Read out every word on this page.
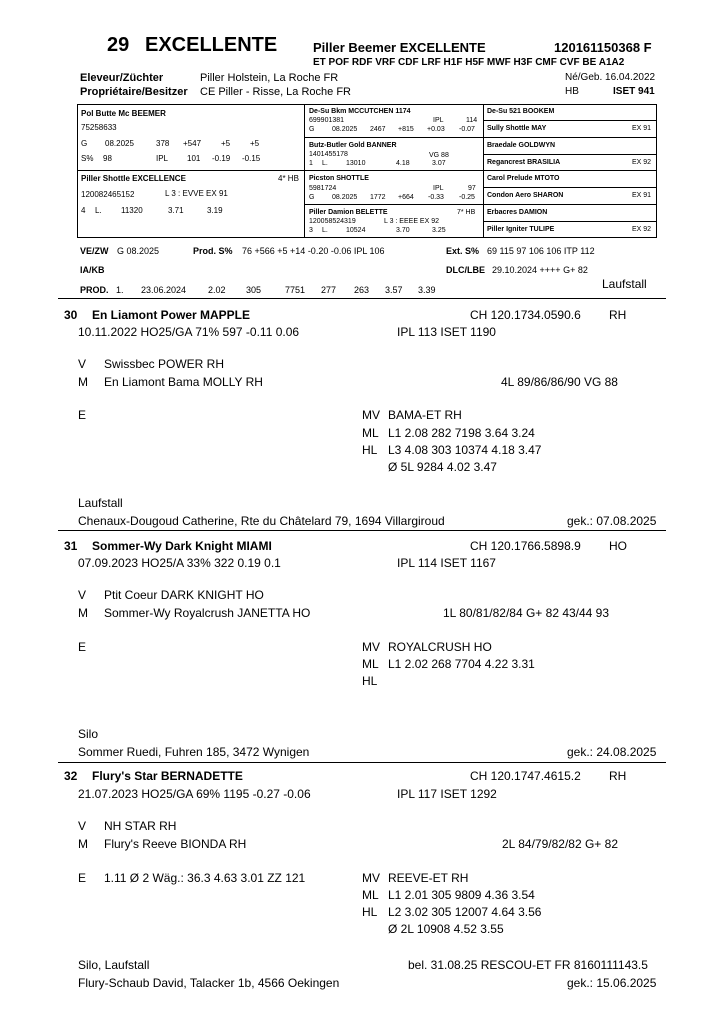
29 EXCELLENTE	Piller Beemer EXCELLENTE	120161150368 F
ET POF RDF VRF CDF LRF H1F H5F MWF H3F CMF CVF BE A1A2
Eleveur/Züchter	Piller Holstein, La Roche FR	Né/Geb. 16.04.2022
Propriétaire/Besitzer CE Piller - Risse, La Roche FR	HB	ISET 941
Pol Butte Mc BEEMER
75258633
G 08.2025	378 +547 +5 +5
S% 98	IPL 101 -0.19 -0.15
Piller Shottle EXCELLENCE	4* HB
120082465152	L 3 : EVVE EX 91
4 L. 11320	3.71	3.19
De-Su Bkm MCCUTCHEN 1174
699901381	IPL	114
G	08.2025 2467 +815 +0.03 -0.07
Butz-Butler Gold BANNER
1401455178	VG 88
1 L.	13010	4.18	3.07
Picston SHOTTLE
5981724	IPL	97
G	08.2025 1772 +664 -0.33 -0.25
Piller Damion BELETTE	7* HB
120058524319	L 3 : EEEE EX 92
3 L.	10524	3.70	3.25
De-Su 521 BOOKEM
Sully Shottle MAY	EX 91
Braedale GOLDWYN
Regancrest BRASILIA	EX 92
Carol Prelude MTOTO
Condon Aero SHARON	EX 91
Erbacres DAMION
Piller Igniter TULIPE	EX 92
VE/ZW G 08.2025	Prod. S% 76 +566 +5 +14 -0.20 -0.06 IPL 106	Ext. S% 69 115 97 106 106 ITP 112
IA/KB	DLC/LBE 29.10.2024 ++++ G+ 82
PROD. 1. 23.06.2024 2.02 305	7751 277 263 3.57 3.39	Laufstall
30 En Liamont Power MAPPLE	CH 120.1734.0590.6 RH
10.11.2022 HO25/GA 71% 597 -0.11 0.06	IPL 113 ISET 1190
V Swissbec POWER RH
M En Liamont Bama MOLLY RH	4L 89/86/86/90 VG 88
E	MV BAMA-ET RH
ML L1 2.08 282 7198 3.64 3.24
HL L3 4.08 303 10374 4.18 3.47
Ø 5L 9284 4.02 3.47
Laufstall
Chenaux-Dougoud Catherine, Rte du Châtelard 79, 1694 Villargiroud	gek.: 07.08.2025
31 Sommer-Wy Dark Knight MIAMI	CH 120.1766.5898.9 HO
07.09.2023 HO25/A 33% 322 0.19 0.1	IPL 114 ISET 1167
V Ptit Coeur DARK KNIGHT HO
M Sommer-Wy Royalcrush JANETTA HO	1L 80/81/82/84 G+ 82 43/44 93
E	MV ROYALCRUSH HO
ML L1 2.02 268 7704 4.22 3.31
HL
Silo
Sommer Ruedi, Fuhren 185, 3472 Wynigen	gek.: 24.08.2025
32 Flury's Star BERNADETTE	CH 120.1747.4615.2 RH
21.07.2023 HO25/GA 69% 1195 -0.27 -0.06	IPL 117 ISET 1292
V NH STAR RH
M Flury's Reeve BIONDA RH	2L 84/79/82/82 G+ 82
E 1.11 Ø 2 Wäg.: 36.3 4.63 3.01 ZZ 121	MV REEVE-ET RH
ML L1 2.01 305 9809 4.36 3.54
HL L2 3.02 305 12007 4.64 3.56
Ø 2L 10908 4.52 3.55
Silo, Laufstall	bel. 31.08.25 RESCOU-ET FR 8160111143.5
Flury-Schaub David, Talacker 1b, 4566 Oekingen	gek.: 15.06.2025
